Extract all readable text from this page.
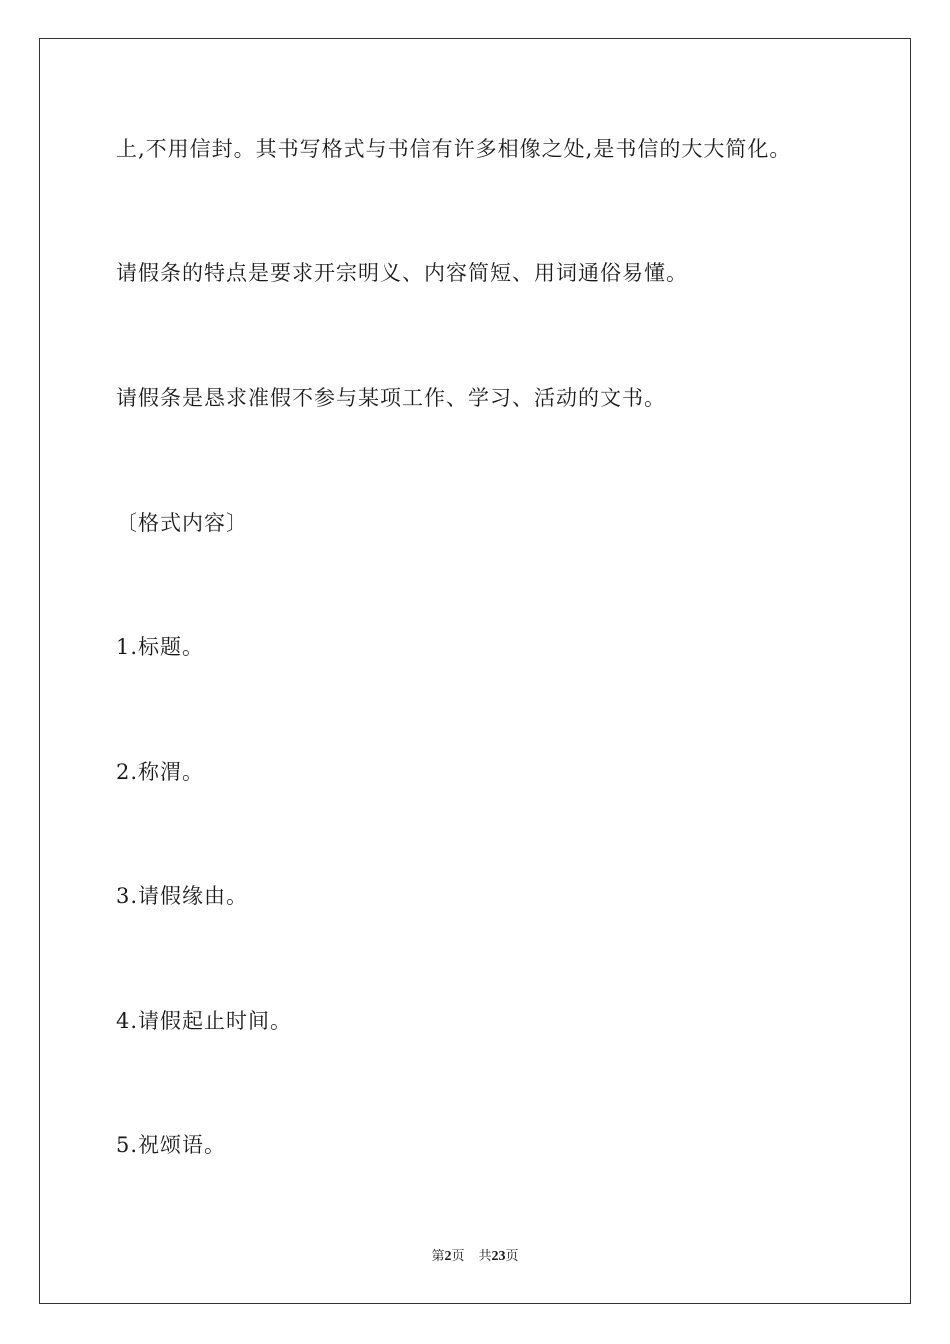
上,不用信封。其书写格式与书信有许多相像之处,是书信的大大简化。
请假条的特点是要求开宗明义、内容简短、用词通俗易懂。
请假条是恳求准假不参与某项工作、学习、活动的文书。
〔格式内容〕
1.标题。
2.称渭。
3.请假缘由。
4.请假起止时间。
5.祝颂语。
第2页 共23页
